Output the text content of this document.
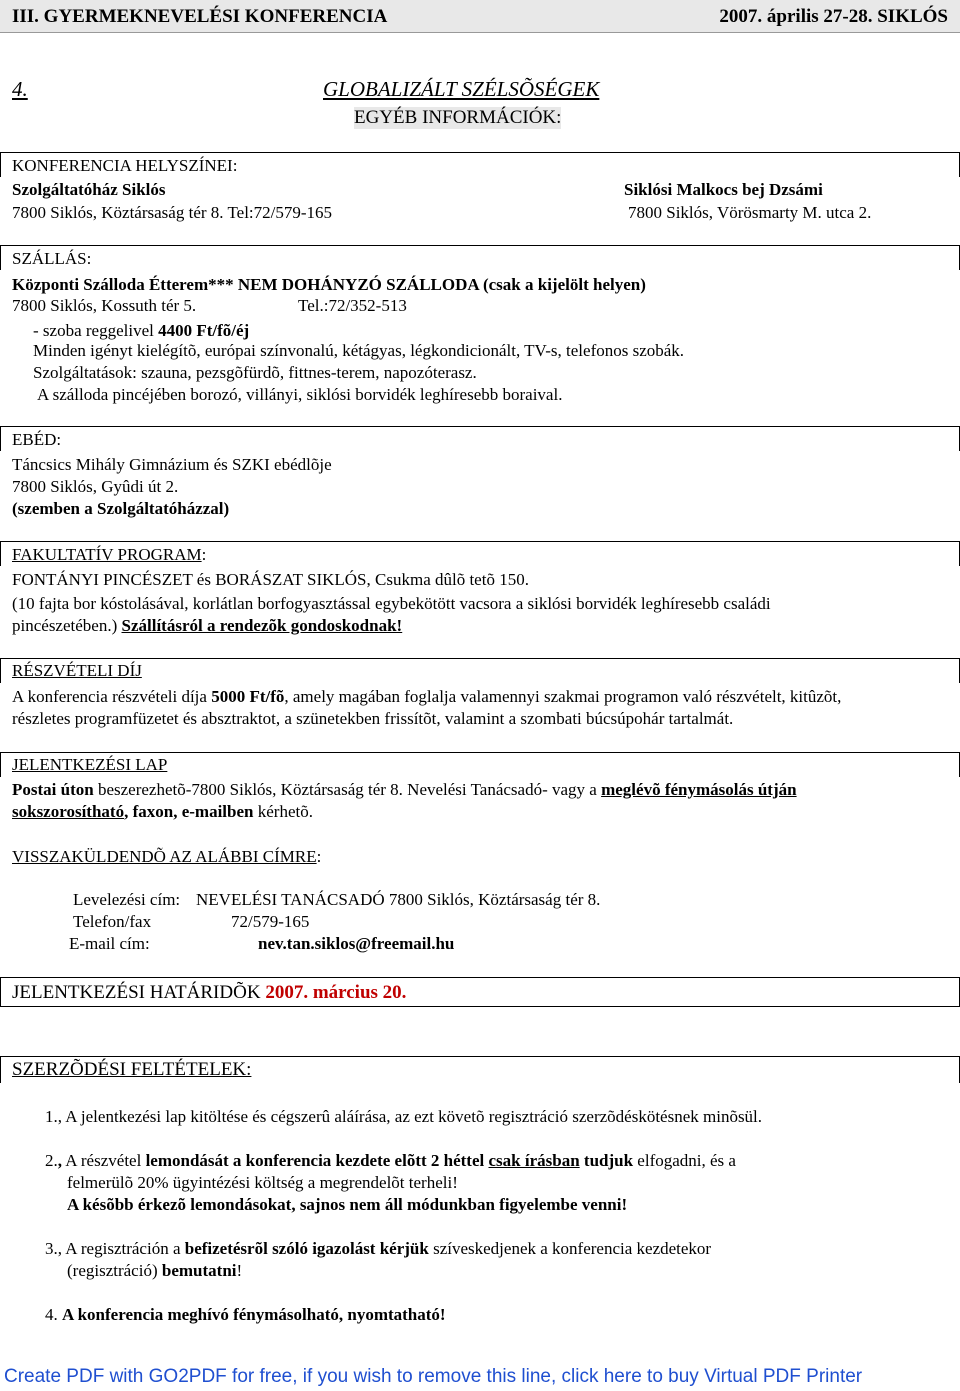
III. GYERMEKNEVELÉSI KONFERENCIA	2007. április 27-28. SIKLÓS
4.	GLOBALIZÁLT SZÉLSÕSÉGEK
EGYÉB INFORMÁCIÓK:
KONFERENCIA HELYSZÍNEI:
Szolgáltatóház Siklós
7800 Siklós, Köztársaság tér 8. Tel:72/579-165
Siklósi Malkocs bej Dzsámi
7800 Siklós, Vörösmarty M. utca 2.
SZÁLLÁS:
Központi Szálloda Étterem*** NEM DOHÁNYZÓ SZÁLLODA (csak a kijelölt helyen)
7800 Siklós, Kossuth tér 5.	Tel.:72/352-513
- szoba reggelivel 4400 Ft/fõ/éj
Minden igényt kielégítõ, európai színvonalú, kétágyas, légkondicionált, TV-s, telefonos szobák.
Szolgáltatások: szauna, pezsgõfürdõ, fittnes-terem, napozóterasz.
A szálloda pincéjében borozó, villányi, siklósi borvidék leghíresebb boraival.
EBÉD:
Táncsics Mihály Gimnázium és SZKI ebédlõje
7800 Siklós, Gyûdi út 2.
(szemben a Szolgáltatóházzal)
FAKULTATÍV PROGRAM:
FONTÁNYI PINCÉSZET és BORÁSZAT SIKLÓS, Csukma dûlõ tetõ 150.
(10 fajta bor kóstolásával, korlátlan borfogyasztással egybekötött vacsora a siklósi borvidék leghíresebb családi
pincészetében.) Szállításról a rendezõk gondoskodnak!
RÉSZVÉTELI DÍJ
A konferencia részvételi díja 5000 Ft/fõ, amely magában foglalja valamennyi szakmai programon való részvételt, kitûzõt,
részletes programfüzetet és absztraktot, a szünetekben frissítõt, valamint a szombati búcsúpohár tartalmát.
JELENTKEZÉSI LAP
Postai úton beszerezhetõ-7800 Siklós, Köztársaság tér 8. Nevelési Tanácsadó- vagy a meglévõ fénymásolás útján
sokszorosítható, faxon, e-mailben kérhetõ.
VISSZAKÜLDENDÕ AZ ALÁBBI CÍMRE:
Levelezési cím: NEVELÉSI TANÁCSADÓ 7800 Siklós, Köztársaság tér 8.
Telefon/fax	72/579-165
E-mail cím:	nev.tan.siklos@freemail.hu
JELENTKEZÉSI HATÁRIDÕK 2007. március 20.
SZERZÕDÉSI FELTÉTELEK:
1., A jelentkezési lap kitöltése és cégszerû aláírása, az ezt követõ regisztráció szerzõdéskötésnek minõsül.
2., A részvétel lemondását a konferencia kezdete elõtt 2 héttel csak írásban tudjuk elfogadni, és a
felmerülõ 20% ügyintézési költség a megrendelõt terheli!
A késõbb érkezõ lemondásokat, sajnos nem áll módunkban figyelembe venni!
3., A regisztráción a befizetésrõl szóló igazolást kérjük szíveskedjenek a konferencia kezdetekor
(regisztráció) bemutatni!
4. A konferencia meghívó fénymásolható, nyomtatható!
Create PDF with GO2PDF for free, if you wish to remove this line, click here to buy Virtual PDF Printer
